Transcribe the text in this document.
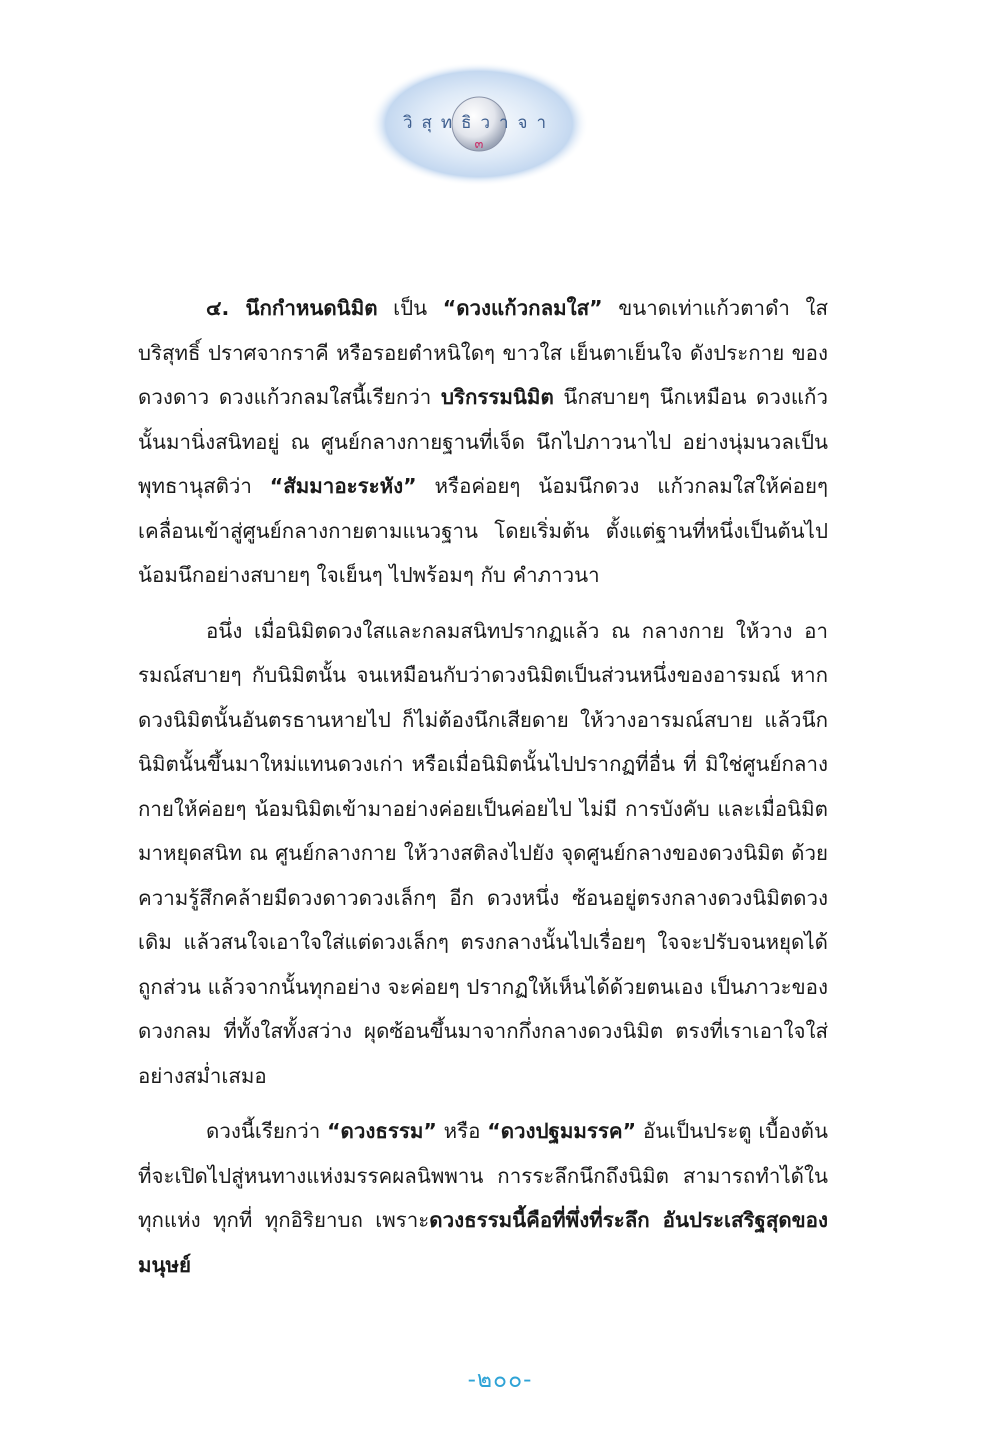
วิสุทธิวาจา
๓

๔. นึกกำหนดนิมิต เป็น “ดวงแก้วกลมใส” ขนาดเท่าแก้วตาดำ ใสบริสุทธิ์ ปราศจากราคี หรือรอยตำหนิใดๆ ขาวใส เย็นตาเย็นใจ ดังประกาย ของดวงดาว ดวงแก้วกลมใสนี้เรียกว่า บริกรรมนิมิต นึกสบายๆ นึกเหมือน ดวงแก้วนั้นมานิ่งสนิทอยู่ ณ ศูนย์กลางกายฐานที่เจ็ด นึกไปภาวนาไป อย่างนุ่มนวลเป็นพุทธานุสติว่า “สัมมาอะระหัง” หรือค่อยๆ น้อมนึกดวง แก้วกลมใสให้ค่อยๆ เคลื่อนเข้าสู่ศูนย์กลางกายตามแนวฐาน โดยเริ่มต้น ตั้งแต่ฐานที่หนึ่งเป็นต้นไป น้อมนึกอย่างสบายๆ ใจเย็นๆ ไปพร้อมๆ กับ คำภาวนา

อนึ่ง เมื่อนิมิตดวงใสและกลมสนิทปรากฏแล้ว ณ กลางกาย ให้วาง อารมณ์สบายๆ กับนิมิตนั้น จนเหมือนกับว่าดวงนิมิตเป็นส่วนหนึ่งของอารมณ์ หากดวงนิมิตนั้นอันตรธานหายไป ก็ไม่ต้องนึกเสียดาย ให้วางอารมณ์สบาย แล้วนึกนิมิตนั้นขึ้นมาใหม่แทนดวงเก่า หรือเมื่อนิมิตนั้นไปปรากฏที่อื่น ที่ มิใช่ศูนย์กลางกายให้ค่อยๆ น้อมนิมิตเข้ามาอย่างค่อยเป็นค่อยไป ไม่มี การบังคับ และเมื่อนิมิตมาหยุดสนิท ณ ศูนย์กลางกาย ให้วางสติลงไปยัง จุดศูนย์กลางของดวงนิมิต ด้วยความรู้สึกคล้ายมีดวงดาวดวงเล็กๆ อีก ดวงหนึ่ง ซ้อนอยู่ตรงกลางดวงนิมิตดวงเดิม แล้วสนใจเอาใจใส่แต่ดวงเล็กๆ ตรงกลางนั้นไปเรื่อยๆ ใจจะปรับจนหยุดได้ถูกส่วน แล้วจากนั้นทุกอย่าง จะค่อยๆ ปรากฏให้เห็นได้ด้วยตนเอง เป็นภาวะของดวงกลม ที่ทั้งใสทั้งสว่าง ผุดซ้อนขึ้นมาจากกึ่งกลางดวงนิมิต ตรงที่เราเอาใจใส่อย่างสม่ำเสมอ

ดวงนี้เรียกว่า “ดวงธรรม” หรือ “ดวงปฐมมรรค” อันเป็นประตู เบื้องต้นที่จะเปิดไปสู่หนทางแห่งมรรคผลนิพพาน การระลึกนึกถึงนิมิต สามารถทำได้ในทุกแห่ง ทุกที่ ทุกอิริยาบถ เพราะดวงธรรมนี้คือที่พึ่งที่ระลึก อันประเสริฐสุดของมนุษย์

-๒๐๐-
